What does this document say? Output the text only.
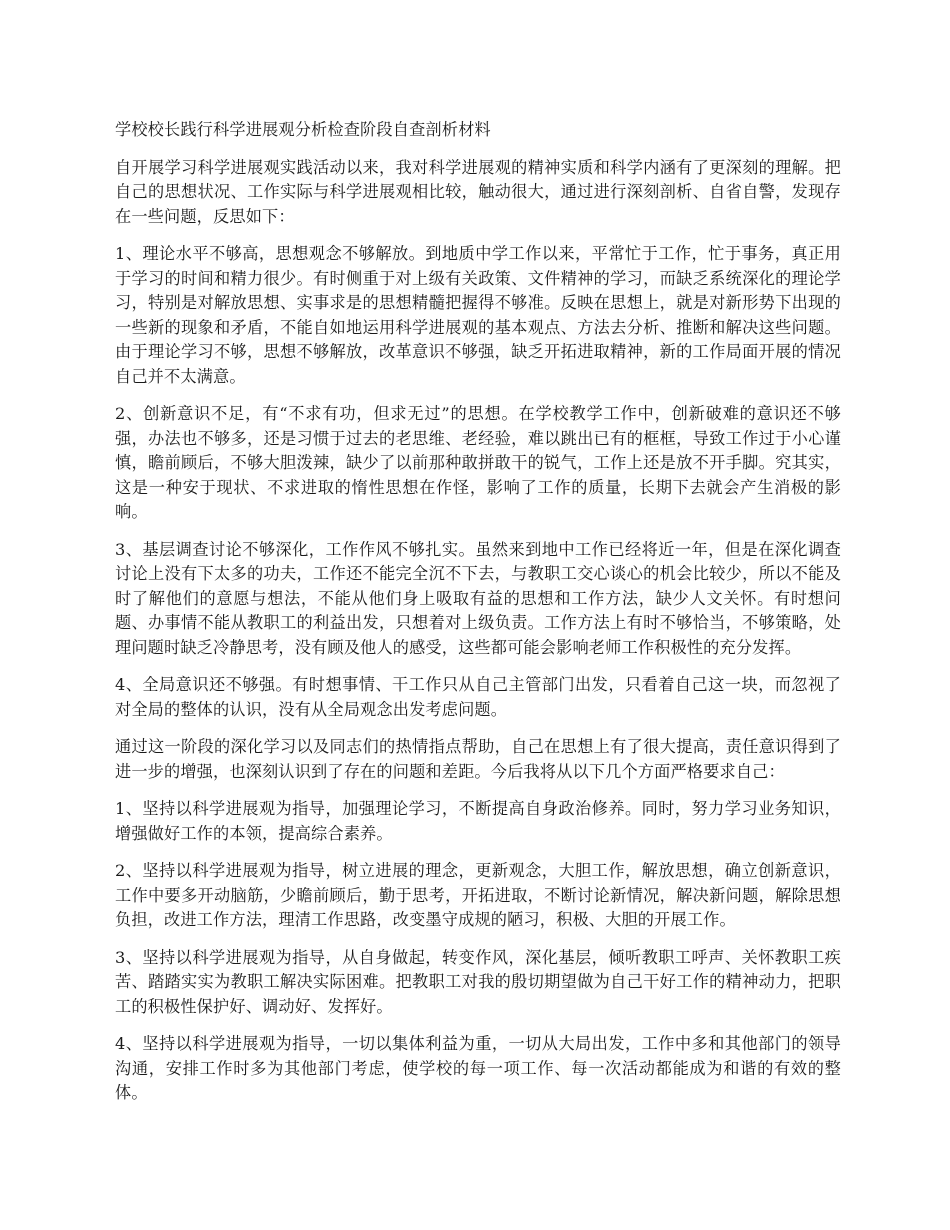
学校校长践行科学进展观分析检查阶段自查剖析材料

自开展学习科学进展观实践活动以来，我对科学进展观的精神实质和科学内涵有了更深刻的理解。把自己的思想状况、工作实际与科学进展观相比较，触动很大，通过进行深刻剖析、自省自警，发现存在一些问题，反思如下：

1、理论水平不够高，思想观念不够解放。到地质中学工作以来，平常忙于工作，忙于事务，真正用于学习的时间和精力很少。有时侧重于对上级有关政策、文件精神的学习，而缺乏系统深化的理论学习，特别是对解放思想、实事求是的思想精髓把握得不够准。反映在思想上，就是对新形势下出现的一些新的现象和矛盾，不能自如地运用科学进展观的基本观点、方法去分析、推断和解决这些问题。由于理论学习不够，思想不够解放，改革意识不够强，缺乏开拓进取精神，新的工作局面开展的情况自己并不太满意。

2、创新意识不足，有“不求有功，但求无过”的思想。在学校教学工作中，创新破难的意识还不够强，办法也不够多，还是习惯于过去的老思维、老经验，难以跳出已有的框框，导致工作过于小心谨慎，瞻前顾后，不够大胆泼辣，缺少了以前那种敢拼敢干的锐气，工作上还是放不开手脚。究其实，这是一种安于现状、不求进取的惰性思想在作怪，影响了工作的质量，长期下去就会产生消极的影响。

3、基层调查讨论不够深化，工作作风不够扎实。虽然来到地中工作已经将近一年，但是在深化调查讨论上没有下太多的功夫，工作还不能完全沉不下去，与教职工交心谈心的机会比较少，所以不能及时了解他们的意愿与想法，不能从他们身上吸取有益的思想和工作方法，缺少人文关怀。有时想问题、办事情不能从教职工的利益出发，只想着对上级负责。工作方法上有时不够恰当，不够策略，处理问题时缺乏冷静思考，没有顾及他人的感受，这些都可能会影响老师工作积极性的充分发挥。

4、全局意识还不够强。有时想事情、干工作只从自己主管部门出发，只看着自己这一块，而忽视了对全局的整体的认识，没有从全局观念出发考虑问题。

通过这一阶段的深化学习以及同志们的热情指点帮助，自己在思想上有了很大提高，责任意识得到了进一步的增强，也深刻认识到了存在的问题和差距。今后我将从以下几个方面严格要求自己：

1、坚持以科学进展观为指导，加强理论学习，不断提高自身政治修养。同时，努力学习业务知识，增强做好工作的本领，提高综合素养。

2、坚持以科学进展观为指导，树立进展的理念，更新观念，大胆工作，解放思想，确立创新意识，工作中要多开动脑筋，少瞻前顾后，勤于思考，开拓进取，不断讨论新情况，解决新问题，解除思想负担，改进工作方法，理清工作思路，改变墨守成规的陋习，积极、大胆的开展工作。

3、坚持以科学进展观为指导，从自身做起，转变作风，深化基层，倾听教职工呼声、关怀教职工疾苦、踏踏实实为教职工解决实际困难。把教职工对我的殷切期望做为自己干好工作的精神动力，把职工的积极性保护好、调动好、发挥好。

4、坚持以科学进展观为指导，一切以集体利益为重，一切从大局出发，工作中多和其他部门的领导沟通，安排工作时多为其他部门考虑，使学校的每一项工作、每一次活动都能成为和谐的有效的整体。
